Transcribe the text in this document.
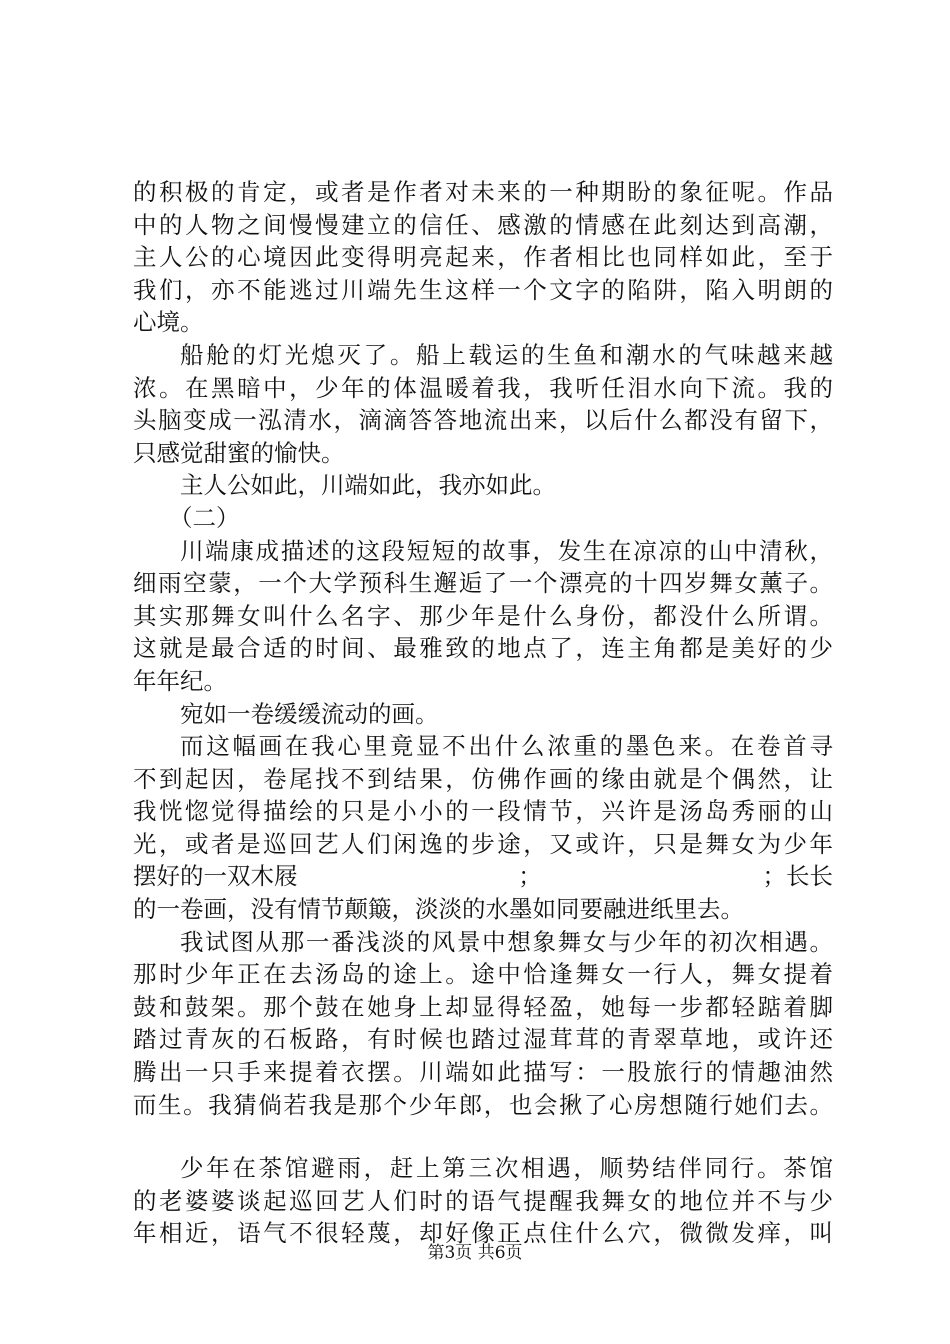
的积极的肯定，或者是作者对未来的一种期盼的象征呢。作品
中的人物之间慢慢建立的信任、感激的情感在此刻达到高潮，
主人公的心境因此变得明亮起来，作者相比也同样如此，至于
我们，亦不能逃过川端先生这样一个文字的陷阱，陷入明朗的
心境。
船舱的灯光熄灭了。船上载运的生鱼和潮水的气味越来越
浓。在黑暗中，少年的体温暖着我，我听任泪水向下流。我的
头脑变成一泓清水，滴滴答答地流出来，以后什么都没有留下，
只感觉甜蜜的愉快。
主人公如此，川端如此，我亦如此。
（二）
川端康成描述的这段短短的故事，发生在凉凉的山中清秋，
细雨空蒙，一个大学预科生邂逅了一个漂亮的十四岁舞女薰子。
其实那舞女叫什么名字、那少年是什么身份，都没什么所谓。
这就是最合适的时间、最雅致的地点了，连主角都是美好的少
年年纪。
宛如一卷缓缓流动的画。
而这幅画在我心里竟显不出什么浓重的墨色来。在卷首寻
不到起因，卷尾找不到结果，仿佛作画的缘由就是个偶然，让
我恍惚觉得描绘的只是小小的一段情节，兴许是汤岛秀丽的山
光，或者是巡回艺人们闲逸的步途，又或许，只是舞女为少年
摆好的一双木屐	；	；长长
的一卷画，没有情节颠簸，淡淡的水墨如同要融进纸里去。
我试图从那一番浅淡的风景中想象舞女与少年的初次相遇。
那时少年正在去汤岛的途上。途中恰逢舞女一行人，舞女提着
鼓和鼓架。那个鼓在她身上却显得轻盈，她每一步都轻踮着脚
踏过青灰的石板路，有时候也踏过湿茸茸的青翠草地，或许还
腾出一只手来提着衣摆。川端如此描写：一股旅行的情趣油然
而生。我猜倘若我是那个少年郎，也会揪了心房想随行她们去。
少年在茶馆避雨，赶上第三次相遇，顺势结伴同行。茶馆
的老婆婆谈起巡回艺人们时的语气提醒我舞女的地位并不与少
年相近，语气不很轻蔑，却好像正点住什么穴，微微发痒，叫
第3页 共6页
